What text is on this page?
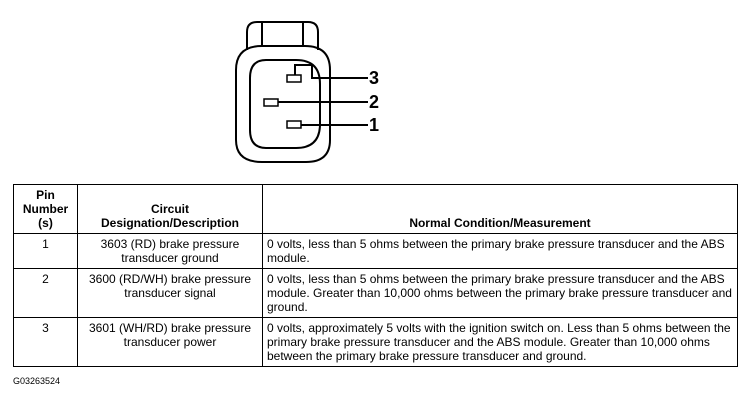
3
2
1
Pin Number (s)	Circuit Designation/Description	Normal Condition/Measurement
1	3603 (RD) brake pressure transducer ground	0 volts, less than 5 ohms between the primary brake pressure transducer and the ABS module.
2	3600 (RD/WH) brake pressure transducer signal	0 volts, less than 5 ohms between the primary brake pressure transducer and the ABS module. Greater than 10,000 ohms between the primary brake pressure transducer and ground.
3	3601 (WH/RD) brake pressure transducer power	0 volts, approximately 5 volts with the ignition switch on. Less than 5 ohms between the primary brake pressure transducer and the ABS module. Greater than 10,000 ohms between the primary brake pressure transducer and ground.
G03263524
